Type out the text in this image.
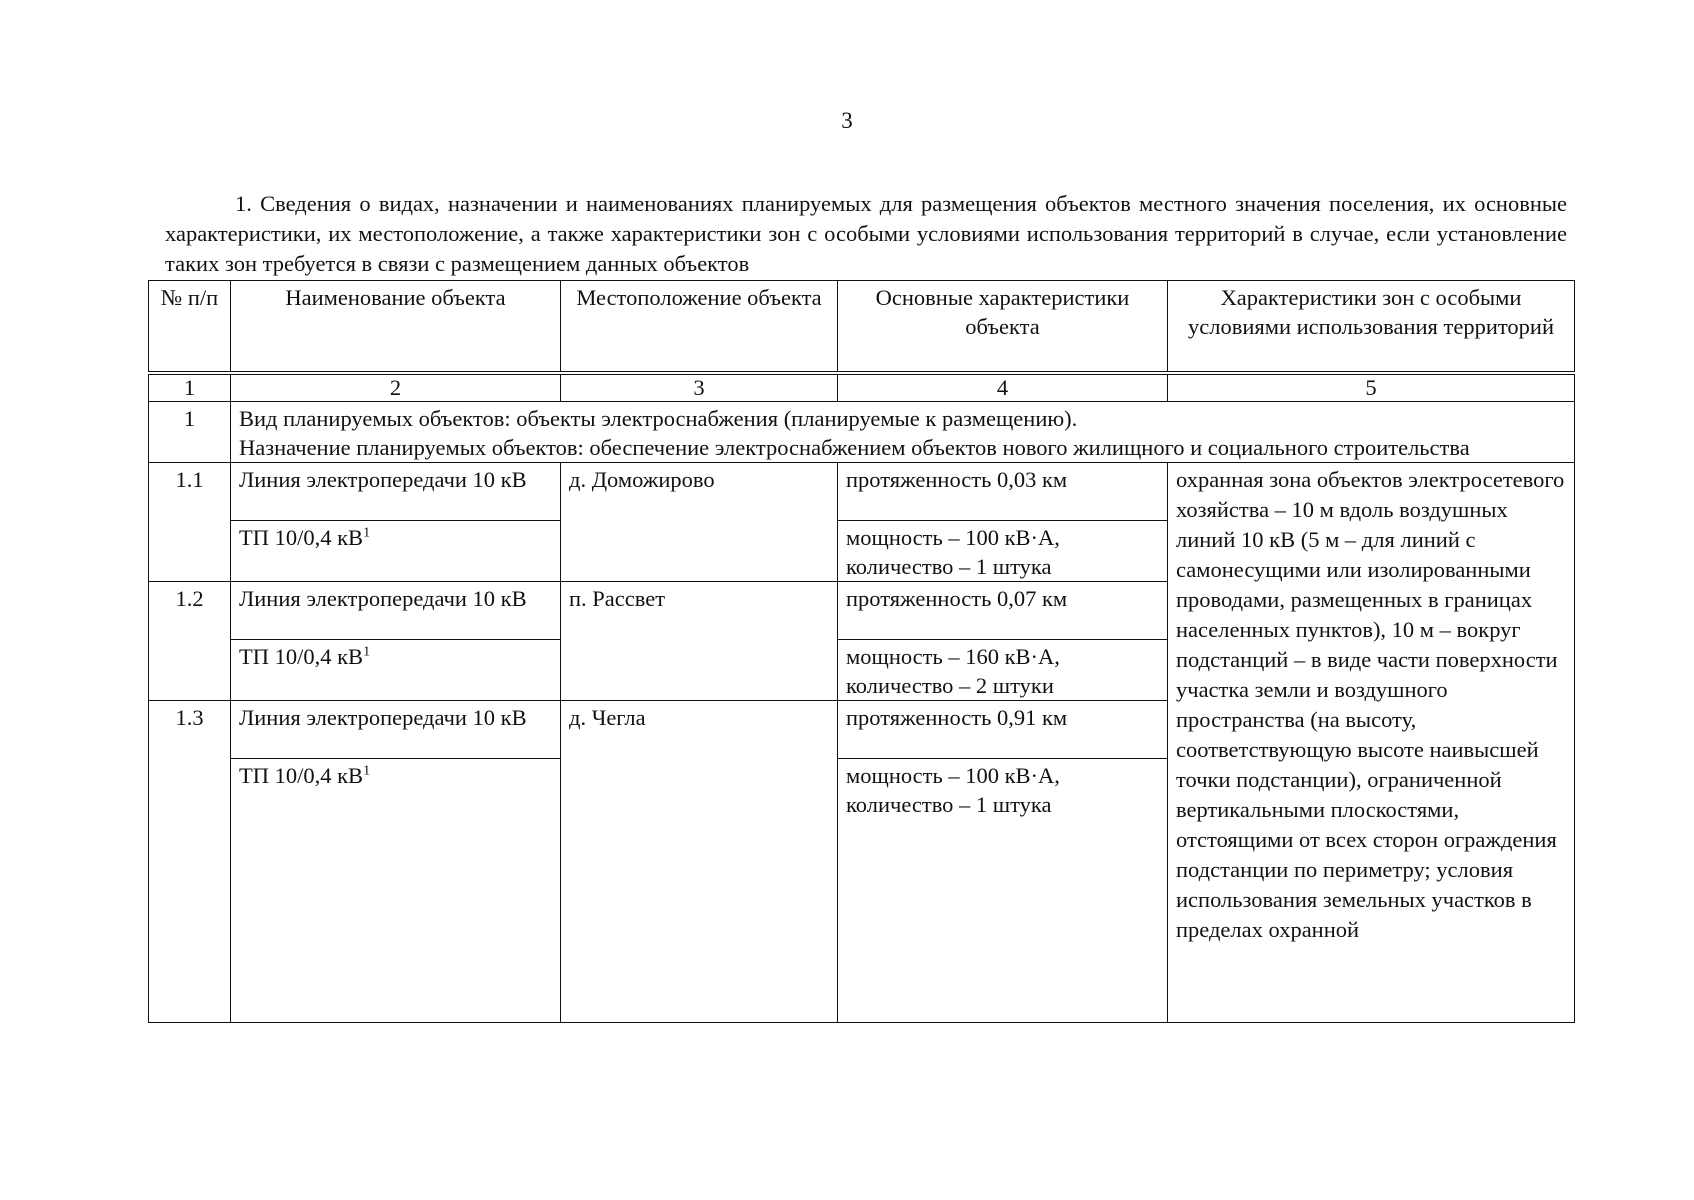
3
1. Сведения о видах, назначении и наименованиях планируемых для размещения объектов местного значения поселения, их основные характеристики, их местоположение, а также характеристики зон с особыми условиями использования территорий в случае, если установление таких зон требуется в связи с размещением данных объектов
№ п/п	Наименование объекта	Местоположение объекта	Основные характеристики объекта	Характеристики зон с особыми условиями использования территорий

1	2	3	4	5
1	Вид планируемых объектов: объекты электроснабжения (планируемые к размещению).
Назначение планируемых объектов: обеспечение электроснабжением объектов нового жилищного и социального строительства			

1.1	Линия электропередачи 10 кВ	д. Доможирово	протяженность 0,03 км	охранная зона объектов электросетевого хозяйства – 10 м вдоль воздушных линий 10 кВ (5 м – для линий с самонесущими или изолированными проводами, размещенных в границах населенных пунктов), 10 м – вокруг подстанций – в виде части поверхности участка земли и воздушного пространства (на высоту, соответствующую высоте наивысшей точки подстанции), ограниченной вертикальными плоскостями, отстоящими от всех сторон ограждения подстанции по периметру; условия использования земельных участков в пределах охранной
	ТП 10/0,4 $кВ^1$		мощность – 100 кВ·А, количество – 1 штука	
1.2	Линия электропередачи 10 кВ	п. Рассвет	протяженность 0,07 км	
	ТП 10/0,4 $кВ^1$		мощность – 160 кВ·А, количество – 2 штуки	
1.3	Линия электропередачи 10 кВ	д. Чегла	протяженность 0,91 км	
	ТП 10/0,4 $кВ^1$		мощность – 100 кВ·А, количество – 1 штука	
